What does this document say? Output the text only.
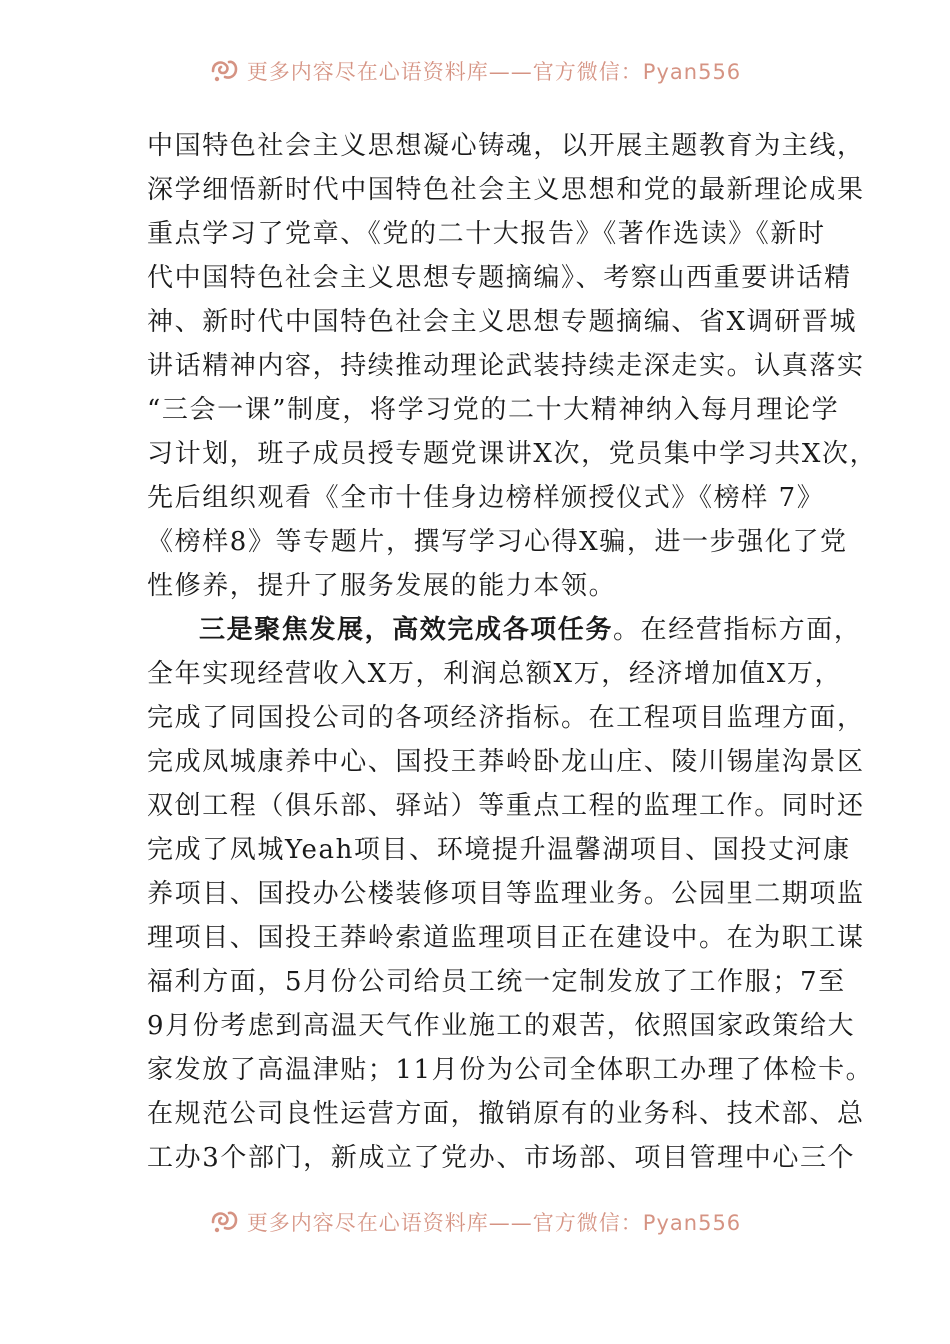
更多内容尽在心语资料库——官方微信：Pyan556
中国特色社会主义思想凝心铸魂，以开展主题教育为主线，
深学细悟新时代中国特色社会主义思想和党的最新理论成果
重点学习了党章、《党的二十大报告》《著作选读》《新时
代中国特色社会主义思想专题摘编》、考察山西重要讲话精
神、新时代中国特色社会主义思想专题摘编、省X调研晋城
讲话精神内容，持续推动理论武装持续走深走实。认真落实
“三会一课”制度，将学习党的二十大精神纳入每月理论学
习计划，班子成员授专题党课讲X次，党员集中学习共X次，
先后组织观看《全市十佳身边榜样颁授仪式》《榜样 7》
《榜样8》等专题片，撰写学习心得X骗，进一步强化了党
性修养，提升了服务发展的能力本领。
三是聚焦发展，高效完成各项任务。在经营指标方面，
全年实现经营收入X万，利润总额X万，经济增加值X万，
完成了同国投公司的各项经济指标。在工程项目监理方面，
完成凤城康养中心、国投王莽岭卧龙山庄、陵川锡崖沟景区
双创工程（俱乐部、驿站）等重点工程的监理工作。同时还
完成了凤城Yeah项目、环境提升温馨湖项目、国投丈河康
养项目、国投办公楼装修项目等监理业务。公园里二期项监
理项目、国投王莽岭索道监理项目正在建设中。在为职工谋
福利方面，5月份公司给员工统一定制发放了工作服；7至
9月份考虑到高温天气作业施工的艰苦，依照国家政策给大
家发放了高温津贴；11月份为公司全体职工办理了体检卡。
在规范公司良性运营方面，撤销原有的业务科、技术部、总
工办3个部门，新成立了党办、市场部、项目管理中心三个
更多内容尽在心语资料库——官方微信：Pyan556
